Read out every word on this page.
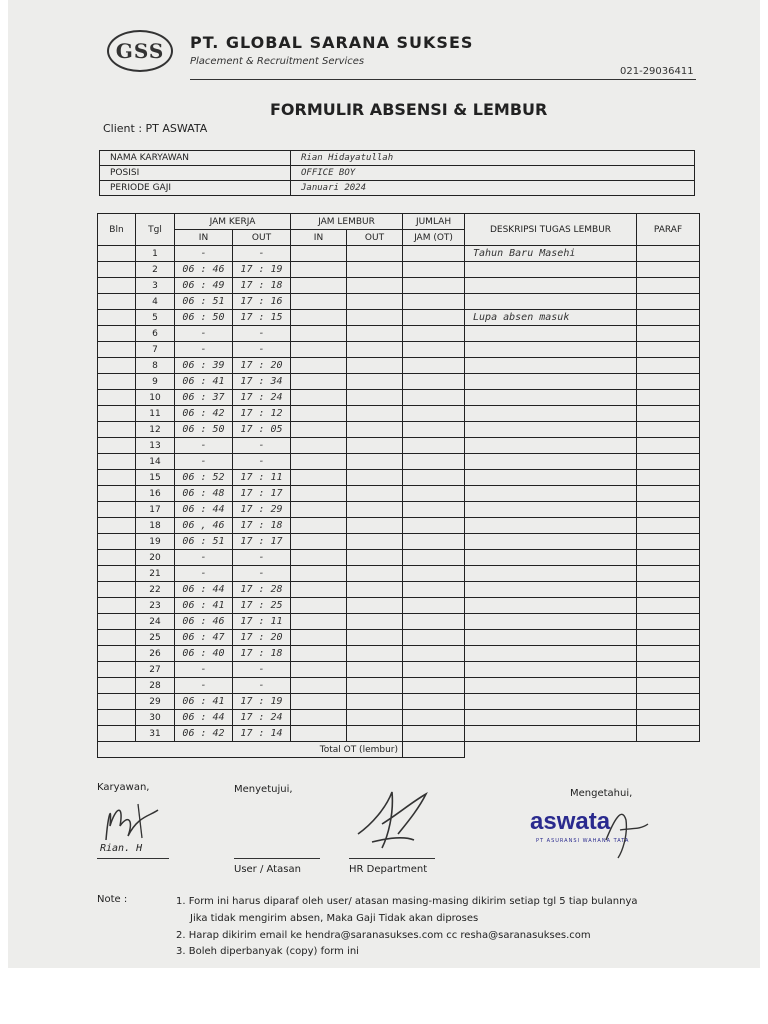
GSS	PT. GLOBAL SARANA SUKSES
Placement & Recruitment Services
021-29036411
FORMULIR ABSENSI & LEMBUR
Client : PT ASWATA
NAMA KARYAWAN	Rian Hidayatullah
POSISI	OFFICE BOY
PERIODE GAJI	Januari 2024
Bln	Tgl	JAM KERJA		JAM LEMBUR		JUMLAH	DESKRIPSI TUGAS LEMBUR	PARAF
		IN	OUT	IN	OUT	JAM (OT)		
	1	-	-				Tahun Baru Masehi	
	2	06 : 46	17 : 19					
	3	06 : 49	17 : 18					
	4	06 : 51	17 : 16					
	5	06 : 50	17 : 15				Lupa absen masuk	
	6	-	-					
	7	-	-					
	8	06 : 39	17 : 20					
	9	06 : 41	17 : 34					
	10	06 : 37	17 : 24					
	11	06 : 42	17 : 12					
	12	06 : 50	17 : 05					
	13	-	-					
	14	-	-					
	15	06 : 52	17 : 11					
	16	06 : 48	17 : 17					
	17	06 : 44	17 : 29					
	18	06 , 46	17 : 18					
	19	06 : 51	17 : 17					
	20	-	-					
	21	-	-					
	22	06 : 44	17 : 28					
	23	06 : 41	17 : 25					
	24	06 : 46	17 : 11					
	25	06 : 47	17 : 20					
	26	06 : 40	17 : 18					
	27	-	-					
	28	-	-					
	29	06 : 41	17 : 19					
	30	06 : 44	17 : 24					
	31	06 : 42	17 : 14					
Total OT (lembur)								
Karyawan,
Rian. H
Menyetujui,
User / Atasan	HR Department
Mengetahui,
aswata
PT ASURANSI WAHANA TATA
Note :	1. Form ini harus diparaf oleh user/ atasan masing-masing dikirim setiap tgl 5 tiap bulannya
Jika tidak mengirim absen, Maka Gaji Tidak akan diproses
2. Harap dikirim email ke hendra@saranasukses.com cc resha@saranasukses.com
3. Boleh diperbanyak (copy) form ini
